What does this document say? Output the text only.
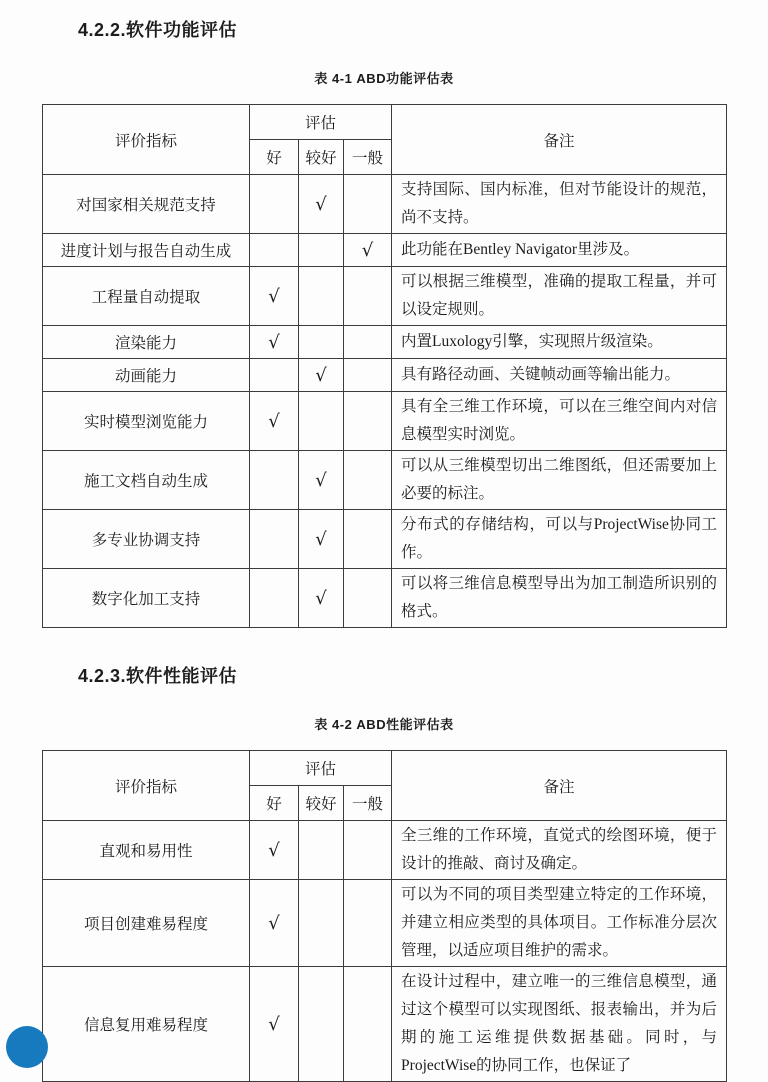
4.2.2.软件功能评估
表 4-1 ABD功能评估表
评价指标	评估			备注
	好	较好	一般	
对国家相关规范支持		√		支持国际、国内标准，但对节能设计的规范，尚不支持。
进度计划与报告自动生成			√	此功能在Bentley Navigator里涉及。
工程量自动提取	√			可以根据三维模型，准确的提取工程量，并可以设定规则。
渲染能力	√			内置Luxology引擎，实现照片级渲染。
动画能力		√		具有路径动画、关键帧动画等输出能力。
实时模型浏览能力	√			具有全三维工作环境，可以在三维空间内对信息模型实时浏览。
施工文档自动生成		√		可以从三维模型切出二维图纸，但还需要加上必要的标注。
多专业协调支持		√		分布式的存储结构，可以与ProjectWise协同工作。
数字化加工支持		√		可以将三维信息模型导出为加工制造所识别的格式。
4.2.3.软件性能评估
表 4-2 ABD性能评估表
评价指标	评估			备注
	好	较好	一般	
直观和易用性	√			全三维的工作环境，直觉式的绘图环境，便于设计的推敲、商讨及确定。
项目创建难易程度	√			可以为不同的项目类型建立特定的工作环境，并建立相应类型的具体项目。工作标准分层次管理，以适应项目维护的需求。
信息复用难易程度	√			在设计过程中，建立唯一的三维信息模型，通过这个模型可以实现图纸、报表输出，并为后期的施工运维提供数据基础。同时，与ProjectWise的协同工作，也保证了
